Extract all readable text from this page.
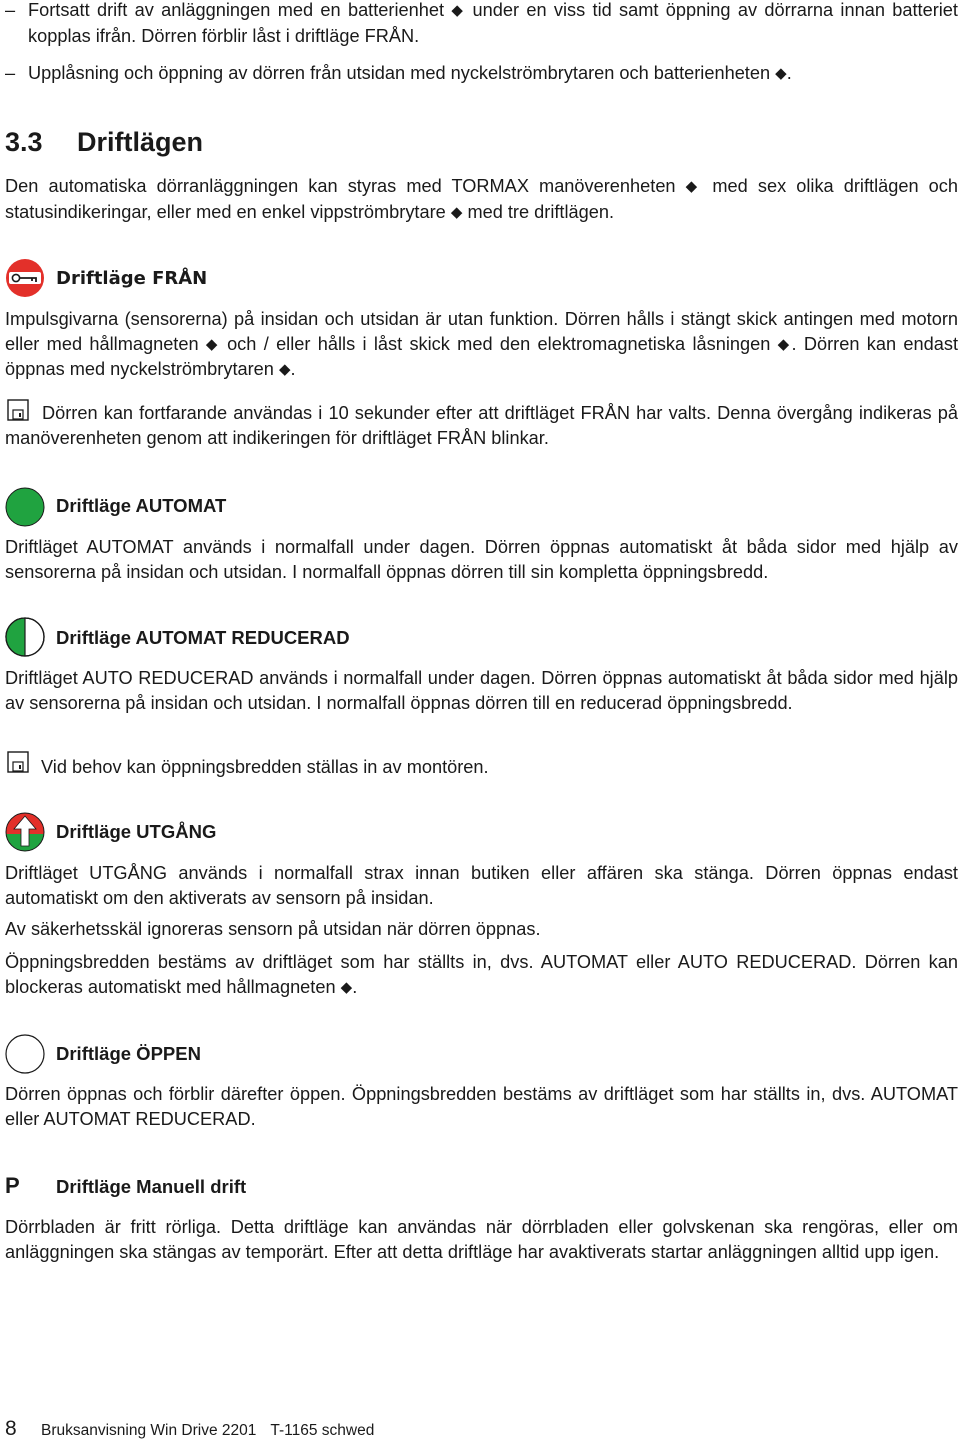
– Fortsatt drift av anläggningen med en batterienhet ◆ under en viss tid samt öppning av dörrarna innan batteriet kopplas ifrån. Dörren förblir låst i driftläge FRÅN.
– Upplåsning och öppning av dörren från utsidan med nyckelströmbrytaren och batterienheten ◆.
3.3 Driftlägen
Den automatiska dörranläggningen kan styras med TORMAX manöverenheten ◆ med sex olika driftlägen och statusindikeringar, eller med en enkel vippströmbrytare ◆ med tre driftlägen.
Driftläge FRÅN
Impulsgivarna (sensorerna) på insidan och utsidan är utan funktion. Dörren hålls i stängt skick antingen med motorn eller med hållmagneten ◆ och / eller hålls i låst skick med den elektromagnetiska låsningen ◆. Dörren kan endast öppnas med nyckelströmbrytaren ◆.
Dörren kan fortfarande användas i 10 sekunder efter att driftläget FRÅN har valts. Denna övergång indikeras på manöverenheten genom att indikeringen för driftläget FRÅN blinkar.
Driftläge AUTOMAT
Driftläget AUTOMAT används i normalfall under dagen. Dörren öppnas automatiskt åt båda sidor med hjälp av sensorerna på insidan och utsidan. I normalfall öppnas dörren till sin kompletta öppningsbredd.
Driftläge AUTOMAT REDUCERAD
Driftläget AUTO REDUCERAD används i normalfall under dagen. Dörren öppnas automatiskt åt båda sidor med hjälp av sensorerna på insidan och utsidan. I normalfall öppnas dörren till en reducerad öppningsbredd.
Vid behov kan öppningsbredden ställas in av montören.
Driftläge UTGÅNG
Driftläget UTGÅNG används i normalfall strax innan butiken eller affären ska stänga. Dörren öppnas endast automatiskt om den aktiverats av sensorn på insidan.
Av säkerhetsskäl ignoreras sensorn på utsidan när dörren öppnas.
Öppningsbredden bestäms av driftläget som har ställts in, dvs. AUTOMAT eller AUTO REDUCERAD. Dörren kan blockeras automatiskt med hållmagneten ◆.
Driftläge ÖPPEN
Dörren öppnas och förblir därefter öppen. Öppningsbredden bestäms av driftläget som har ställts in, dvs. AUTOMAT eller AUTOMAT REDUCERAD.
P Driftläge Manuell drift
Dörrbladen är fritt rörliga. Detta driftläge kan användas när dörrbladen eller golvskenan ska rengöras, eller om anläggningen ska stängas av temporärt. Efter att detta driftläge har avaktiverats startar anläggningen alltid upp igen.
8 Bruksanvisning Win Drive 2201 T-1165 schwed
